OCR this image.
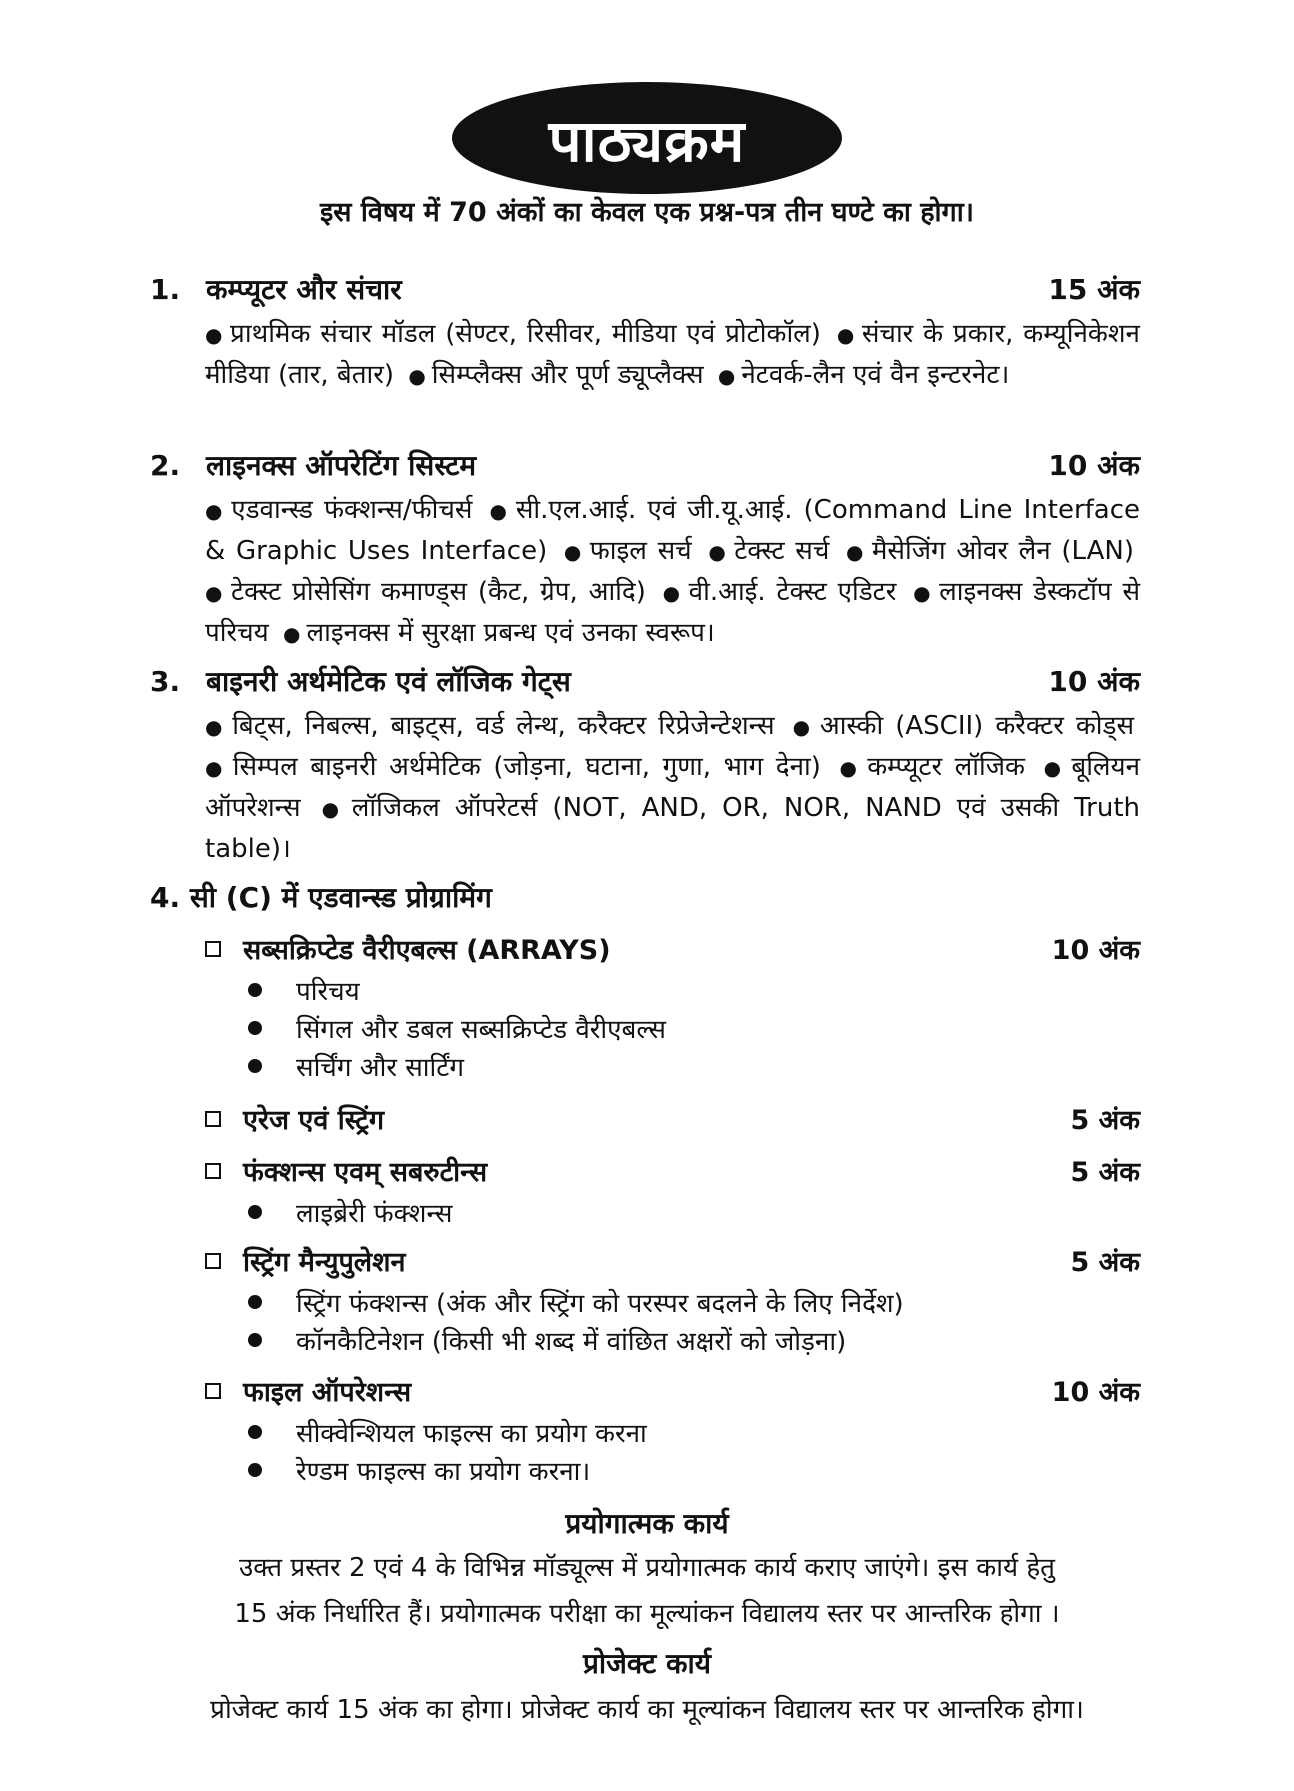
पाठ्यक्रम
इस विषय में 70 अंकों का केवल एक प्रश्न-पत्र तीन घण्टे का होगा।
1. कम्प्यूटर और संचार	15 अंक
● प्राथमिक संचार मॉडल (सेण्टर, रिसीवर, मीडिया एवं प्रोटोकॉल) ● संचार के प्रकार, कम्यूनिकेशन मीडिया (तार, बेतार) ● सिम्प्लैक्स और पूर्ण ड्यूप्लैक्स ● नेटवर्क-लैन एवं वैन इन्टरनेट।
2. लाइनक्स ऑपरेटिंग सिस्टम	10 अंक
● एडवान्स्ड फंक्शन्स/फीचर्स ● सी.एल.आई. एवं जी.यू.आई. (Command Line Interface & Graphic Uses Interface) ● फाइल सर्च ● टेक्स्ट सर्च ● मैसेजिंग ओवर लैन (LAN) ● टेक्स्ट प्रोसेसिंग कमाण्ड्स (कैट, ग्रेप, आदि) ● वी.आई. टेक्स्ट एडिटर ● लाइनक्स डेस्कटॉप से परिचय ● लाइनक्स में सुरक्षा प्रबन्ध एवं उनका स्वरूप।
3. बाइनरी अर्थमेटिक एवं लॉजिक गेट्स	10 अंक
● बिट्स, निबल्स, बाइट्स, वर्ड लेन्थ, करैक्टर रिप्रेजेन्टेशन्स ● आस्की (ASCII) करैक्टर कोड्स ● सिम्पल बाइनरी अर्थमेटिक (जोड़ना, घटाना, गुणा, भाग देना) ● कम्प्यूटर लॉजिक ● बूलियन ऑपरेशन्स ● लॉजिकल ऑपरेटर्स (NOT, AND, OR, NOR, NAND एवं उसकी Truth table)।
4. सी (C) में एडवान्स्ड प्रोग्रामिंग
सब्सक्रिप्टेड वैरीएबल्स (ARRAYS)	10 अंक
परिचय
सिंगल और डबल सब्सक्रिप्टेड वैरीएबल्स
सर्चिंग और सार्टिंग
एरेज एवं स्ट्रिंग	5 अंक
फंक्शन्स एवम् सबरुटीन्स	5 अंक
लाइब्रेरी फंक्शन्स
स्ट्रिंग मैन्युपुलेशन	5 अंक
स्ट्रिंग फंक्शन्स (अंक और स्ट्रिंग को परस्पर बदलने के लिए निर्देश)
कॉनकैटिनेशन (किसी भी शब्द में वांछित अक्षरों को जोड़ना)
फाइल ऑपरेशन्स	10 अंक
सीक्वेन्शियल फाइल्स का प्रयोग करना
रेण्डम फाइल्स का प्रयोग करना।
प्रयोगात्मक कार्य
उक्त प्रस्तर 2 एवं 4 के विभिन्न मॉड्यूल्स में प्रयोगात्मक कार्य कराए जाएंगे। इस कार्य हेतु
15 अंक निर्धारित हैं। प्रयोगात्मक परीक्षा का मूल्यांकन विद्यालय स्तर पर आन्तरिक होगा ।
प्रोजेक्ट कार्य
प्रोजेक्ट कार्य 15 अंक का होगा। प्रोजेक्ट कार्य का मूल्यांकन विद्यालय स्तर पर आन्तरिक होगा।
